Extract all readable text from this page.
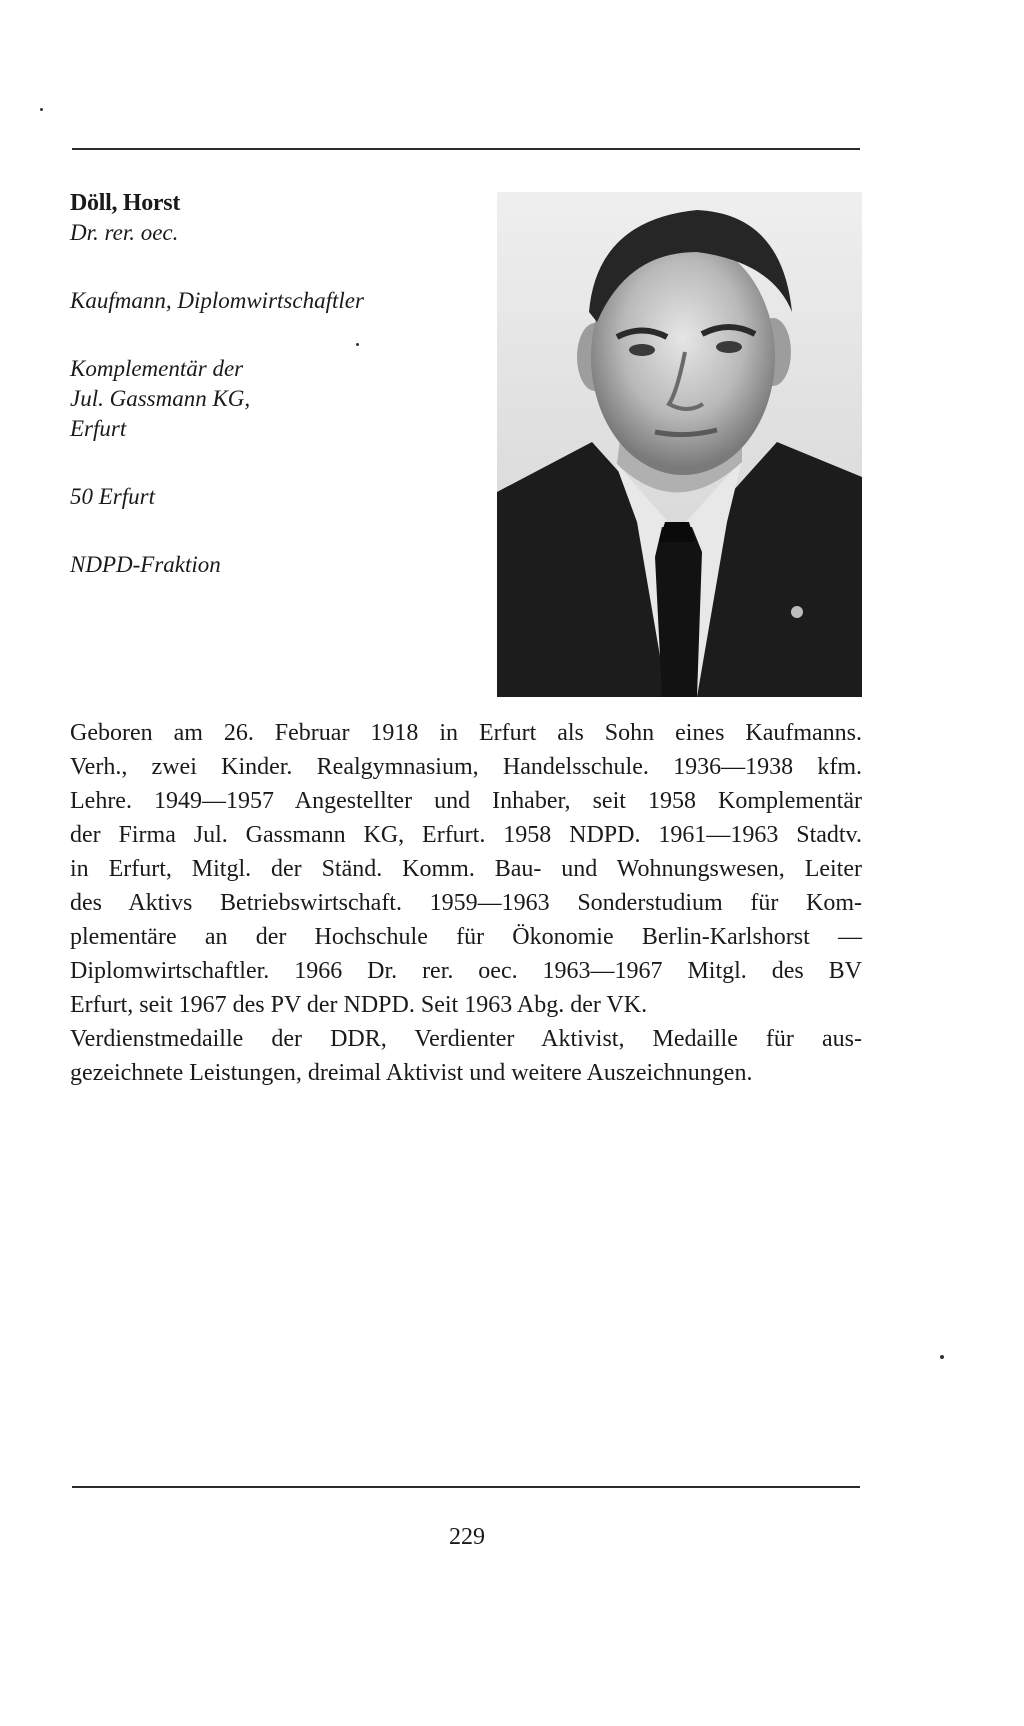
Döll, Horst
Dr. rer. oec.
Kaufmann, Diplomwirtschaftler
Komplementär der
Jul. Gassmann KG,
Erfurt
50 Erfurt
NDPD-Fraktion

Geboren am 26. Februar 1918 in Erfurt als Sohn eines Kaufmanns.

Verh., zwei Kinder. Realgymnasium, Handelsschule. 1936—1938 kfm.

Lehre. 1949—1957 Angestellter und Inhaber, seit 1958 Komplementär

der Firma Jul. Gassmann KG, Erfurt. 1958 NDPD. 1961—1963 Stadtv.

in Erfurt, Mitgl. der Ständ. Komm. Bau- und Wohnungswesen, Leiter

des Aktivs Betriebswirtschaft. 1959—1963 Sonderstudium für Kom-

plementäre an der Hochschule für Ökonomie Berlin-Karlshorst —

Diplomwirtschaftler. 1966 Dr. rer. oec. 1963—1967 Mitgl. des BV

Erfurt, seit 1967 des PV der NDPD. Seit 1963 Abg. der VK.

Verdienstmedaille der DDR, Verdienter Aktivist, Medaille für aus-

gezeichnete Leistungen, dreimal Aktivist und weitere Auszeichnungen.

229
